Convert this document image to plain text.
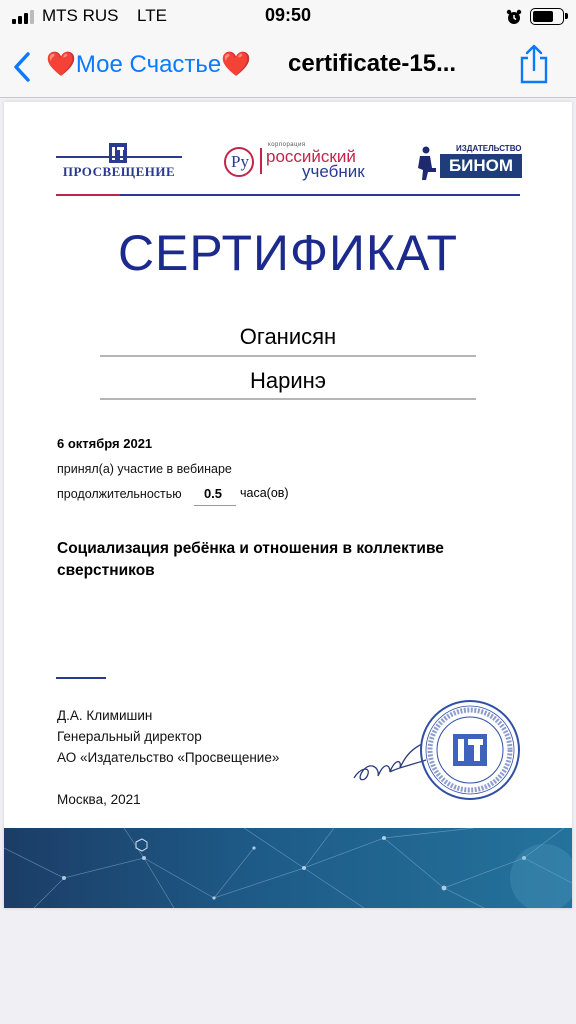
MTS RUS LTE	09:50
❤️Мое Счастье❤️ certificate-15...
ПРОСВЕЩЕНИЕ
Ру
корпорация
российский
учебник
ИЗДАТЕЛЬСТВО
БИНОМ
СЕРТИФИКАТ
Оганисян
Наринэ
6 октября 2021
принял(а) участие в вебинаре
продолжительностью	0.5	часа(ов)
Социализация ребёнка и отношения в коллективе сверстников
Д.А. Климишин
Генеральный директор
АО «Издательство «Просвещение»
Москва, 2021
